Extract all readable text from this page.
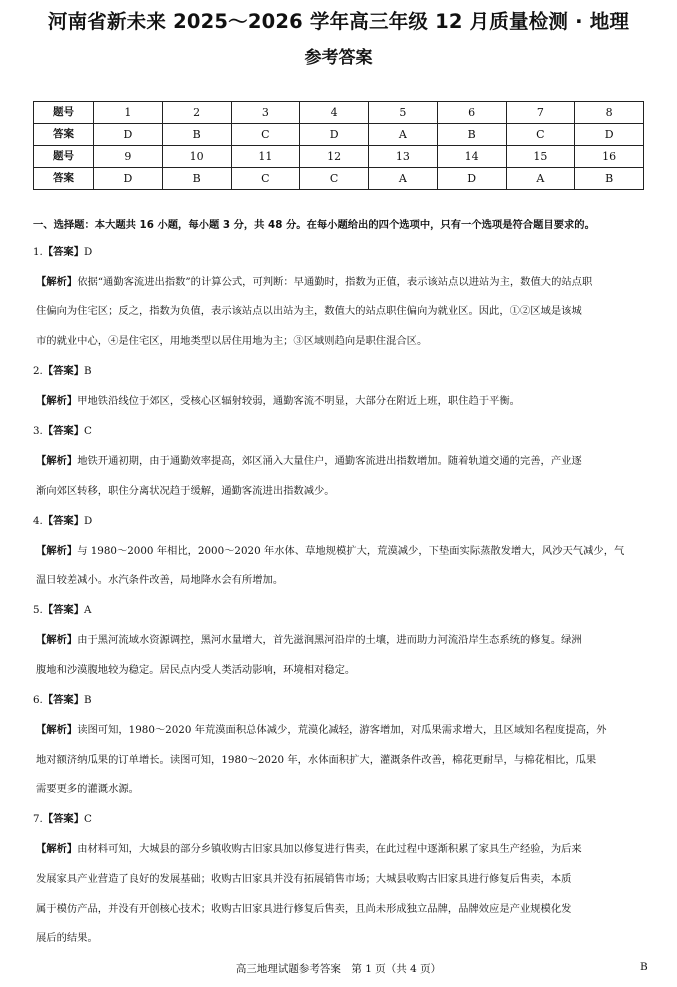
河南省新未来 2025～2026 学年高三年级 12 月质量检测 · 地理
参考答案
题号	1	2	3	4	5	6	7	8
答案	D	B	C	D	A	B	C	D
题号	9	10	11	12	13	14	15	16
答案	D	B	C	C	A	D	A	B
一、选择题：本大题共 16 小题，每小题 3 分，共 48 分。在每小题给出的四个选项中，只有一个选项是符合题目要求的。
1.【答案】D
【解析】依据“通勤客流进出指数”的计算公式，可判断：早通勤时，指数为正值，表示该站点以进站为主，数值大的站点职
住偏向为住宅区；反之，指数为负值，表示该站点以出站为主，数值大的站点职住偏向为就业区。因此，①②区域是该城
市的就业中心，④是住宅区，用地类型以居住用地为主；③区域则趋向是职住混合区。
2.【答案】B
【解析】甲地铁沿线位于郊区，受核心区辐射较弱，通勤客流不明显，大部分在附近上班，职住趋于平衡。
3.【答案】C
【解析】地铁开通初期，由于通勤效率提高，郊区涌入大量住户，通勤客流进出指数增加。随着轨道交通的完善，产业逐
渐向郊区转移，职住分离状况趋于缓解，通勤客流进出指数减少。
4.【答案】D
【解析】与 1980～2000 年相比，2000～2020 年水体、草地规模扩大，荒漠减少，下垫面实际蒸散发增大，风沙天气减少，气
温日较差减小。水汽条件改善，局地降水会有所增加。
5.【答案】A
【解析】由于黑河流域水资源调控，黑河水量增大，首先滋润黑河沿岸的土壤，进而助力河流沿岸生态系统的修复。绿洲
腹地和沙漠腹地较为稳定。居民点内受人类活动影响，环境相对稳定。
6.【答案】B
【解析】读图可知，1980～2020 年荒漠面积总体减少，荒漠化减轻，游客增加，对瓜果需求增大，且区域知名程度提高，外
地对额济纳瓜果的订单增长。读图可知，1980～2020 年，水体面积扩大，灌溉条件改善，棉花更耐旱，与棉花相比，瓜果
需要更多的灌溉水源。
7.【答案】C
【解析】由材料可知，大城县的部分乡镇收购古旧家具加以修复进行售卖，在此过程中逐渐积累了家具生产经验，为后来
发展家具产业营造了良好的发展基础；收购古旧家具并没有拓展销售市场；大城县收购古旧家具进行修复后售卖，本质
属于模仿产品，并没有开创核心技术；收购古旧家具进行修复后售卖，且尚未形成独立品牌，品牌效应是产业规模化发
展后的结果。
高三地理试题参考答案　第 1 页（共 4 页）	B
